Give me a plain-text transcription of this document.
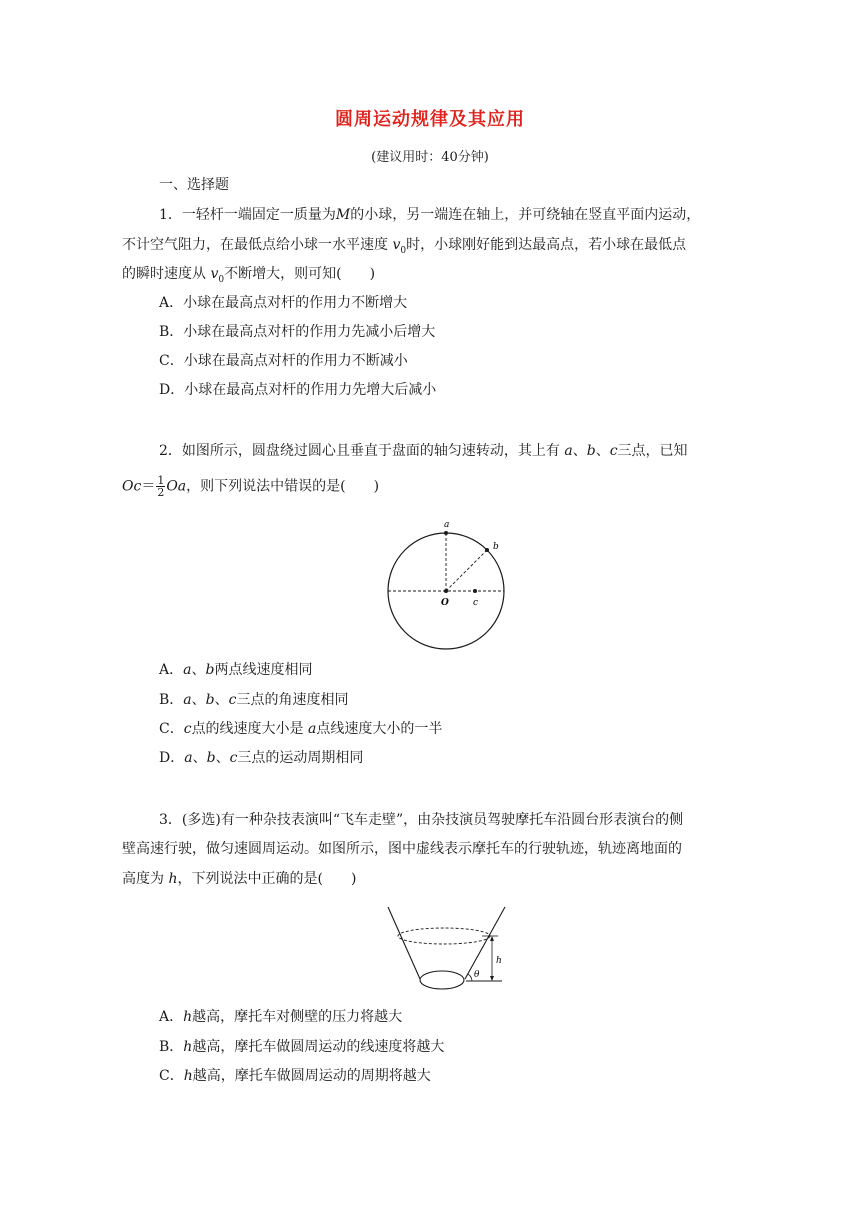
圆周运动规律及其应用
(建议用时：40分钟)
一、选择题
1．一轻杆一端固定一质量为M的小球，另一端连在轴上，并可绕轴在竖直平面内运动，
不计空气阻力，在最低点给小球一水平速度 $v_0$时，小球刚好能到达最高点，若小球在最低点
的瞬时速度从 $v_0$不断增大，则可知(　　)
A．小球在最高点对杆的作用力不断增大
B．小球在最高点对杆的作用力先减小后增大
C．小球在最高点对杆的作用力不断减小
D．小球在最高点对杆的作用力先增大后减小
2．如图所示，圆盘绕过圆心且垂直于盘面的轴匀速转动，其上有 a、b、c三点，已知
$Oc= \frac{1}{2}$ Oa，则下列说法中错误的是(　　)
a
b
O	c
A．a、b两点线速度相同
B．a、b、c三点的角速度相同
C．c点的线速度大小是 a点线速度大小的一半
D．a、b、c三点的运动周期相同
3．(多选)有一种杂技表演叫“飞车走壁”，由杂技演员驾驶摩托车沿圆台形表演台的侧
壁高速行驶，做匀速圆周运动。如图所示，图中虚线表示摩托车的行驶轨迹，轨迹离地面的
高度为 h，下列说法中正确的是(　　)
h
θ
A．h越高，摩托车对侧壁的压力将越大
B．h越高，摩托车做圆周运动的线速度将越大
C．h越高，摩托车做圆周运动的周期将越大
